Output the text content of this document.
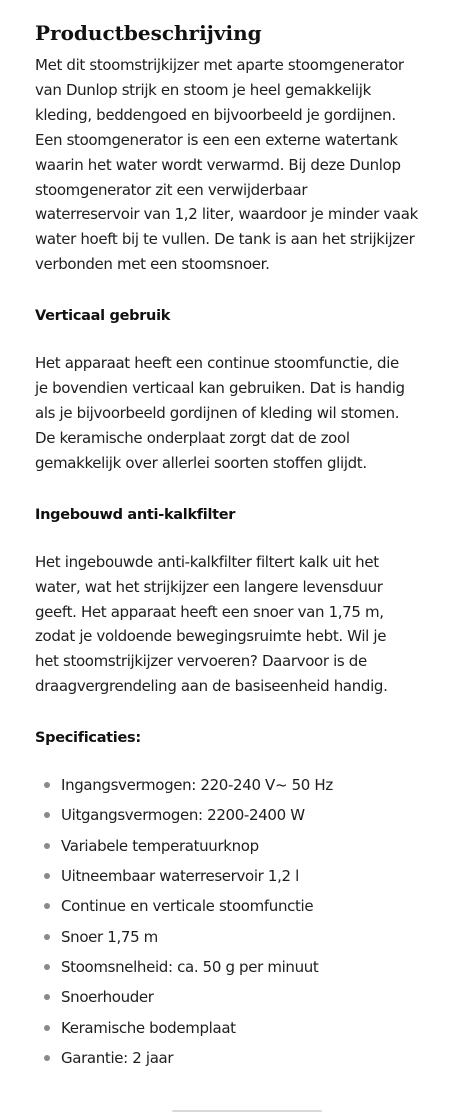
Productbeschrijving

Met dit stoomstrijkijzer met aparte stoomgenerator
van Dunlop strijk en stoom je heel gemakkelijk
kleding, beddengoed en bijvoorbeeld je gordijnen.
Een stoomgenerator is een een externe watertank
waarin het water wordt verwarmd. Bij deze Dunlop
stoomgenerator zit een verwijderbaar
waterreservoir van 1,2 liter, waardoor je minder vaak
water hoeft bij te vullen. De tank is aan het strijkijzer
verbonden met een stoomsnoer.

Verticaal gebruik

Het apparaat heeft een continue stoomfunctie, die
je bovendien verticaal kan gebruiken. Dat is handig
als je bijvoorbeeld gordijnen of kleding wil stomen.
De keramische onderplaat zorgt dat de zool
gemakkelijk over allerlei soorten stoffen glijdt.

Ingebouwd anti-kalkfilter

Het ingebouwde anti-kalkfilter filtert kalk uit het
water, wat het strijkijzer een langere levensduur
geeft. Het apparaat heeft een snoer van 1,75 m,
zodat je voldoende bewegingsruimte hebt. Wil je
het stoomstrijkijzer vervoeren? Daarvoor is de
draagvergrendeling aan de basiseenheid handig.

Specificaties:
Ingangsvermogen: 220-240 V~ 50 Hz
Uitgangsvermogen: 2200-2400 W
Variabele temperatuurknop
Uitneembaar waterreservoir 1,2 l
Continue en verticale stoomfunctie
Snoer 1,75 m
Stoomsnelheid: ca. 50 g per minuut
Snoerhouder
Keramische bodemplaat
Garantie: 2 jaar
